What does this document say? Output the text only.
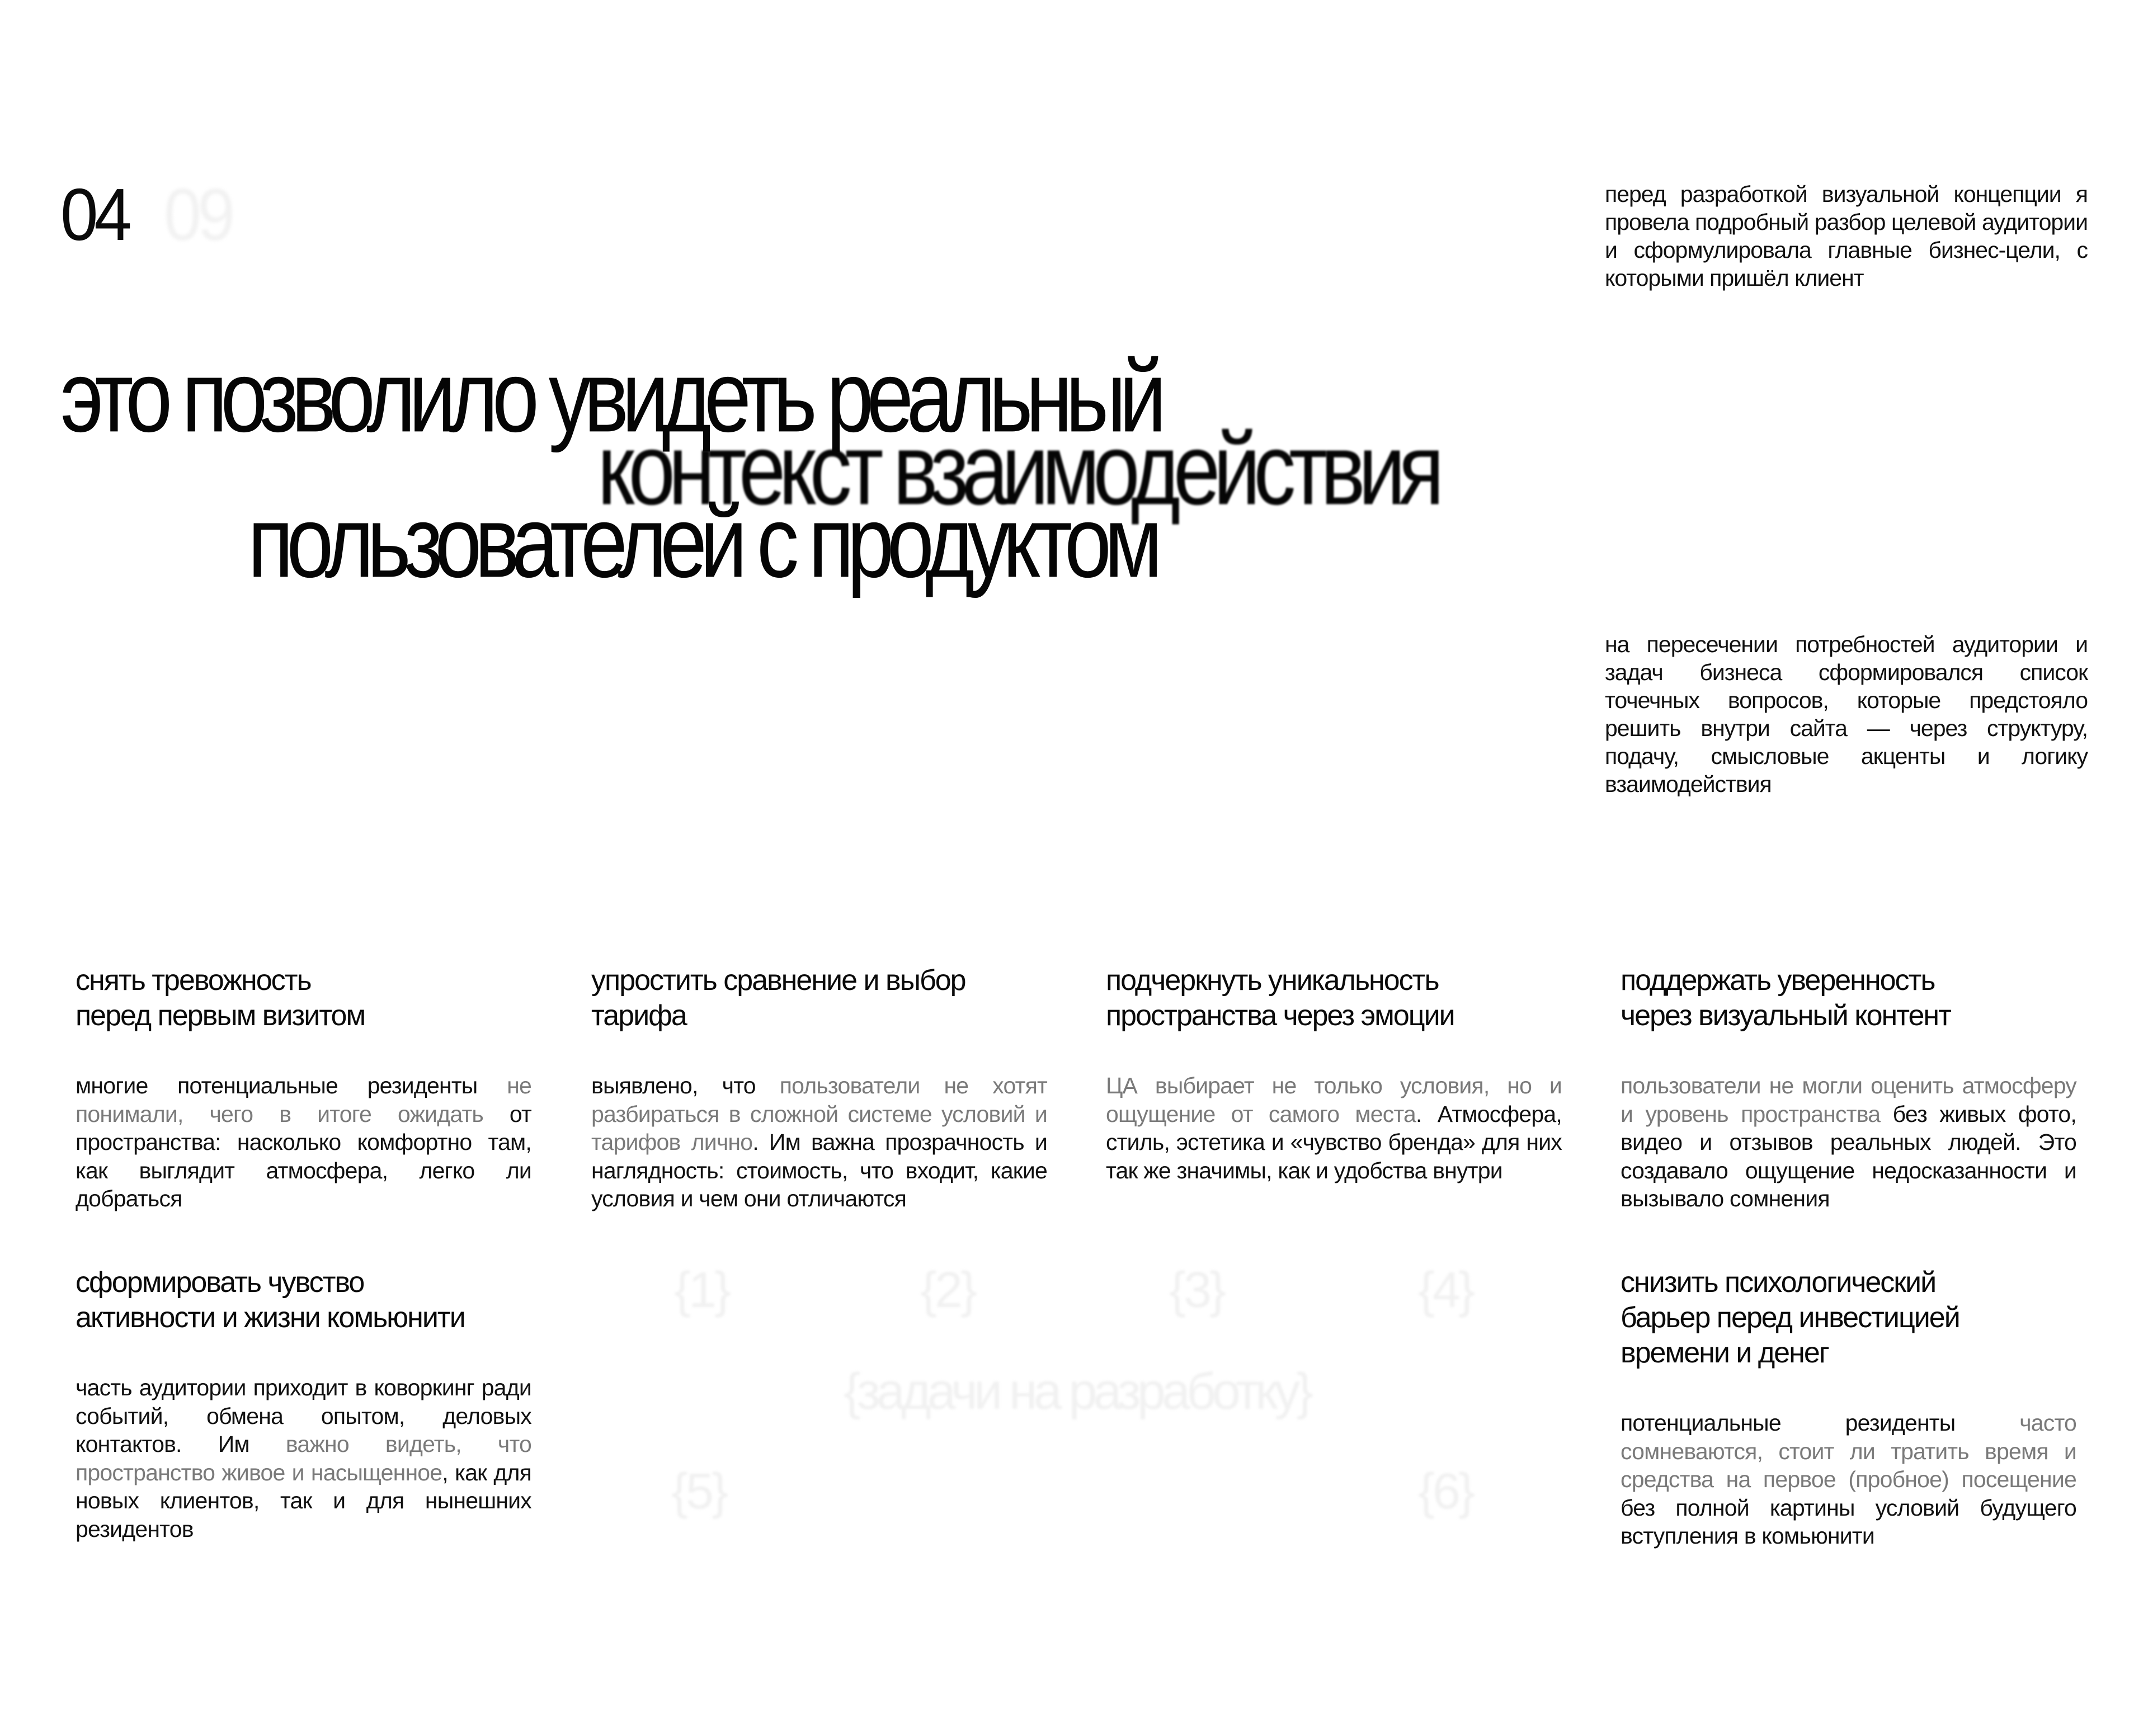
04 09
это позволило увидеть реальный
контекст взаимодействия
пользователей с продуктом

перед разработкой визуальной концепции я провела подробный разбор целевой аудитории и сформулировала главные бизнес-цели, с которыми пришёл клиент

на пересечении потребностей аудитории и задач бизнеса сформировался список точечных вопросов, которые предстояло решить внутри сайта — через структуру, подачу, смысловые акценты и логику взаимодействия

{1}	{2}	{3}	{4}
{задачи на разработку}
{5}	{6}
снять тревожность
перед первым визитом

многие потенциальные резиденты не понимали, чего в итоге ожидать от пространства: насколько комфортно там, как выглядит атмосфера, легко ли добраться

упростить сравнение и выбор
тарифа

выявлено, что пользователи не хотят разбираться в сложной системе условий и тарифов лично. Им важна прозрачность и наглядность: стоимость, что входит, какие условия и чем они отличаются

подчеркнуть уникальность
пространства через эмоции

ЦА выбирает не только условия, но и ощущение от самого места. Атмосфера, стиль, эстетика и «чувство бренда» для них так же значимы, как и удобства внутри

поддержать уверенность
через визуальный контент

пользователи не могли оценить атмосферу и уровень пространства без живых фото, видео и отзывов реальных людей. Это создавало ощущение недосказанности и вызывало сомнения

сформировать чувство
активности и жизни комьюнити

часть аудитории приходит в коворкинг ради событий, обмена опытом, деловых контактов. Им важно видеть, что пространство живое и насыщенное, как для новых клиентов, так и для нынешних резидентов

снизить психологический
барьер перед инвестицией
времени и денег

потенциальные резиденты часто сомневаются, стоит ли тратить время и средства на первое (пробное) посещение без полной картины условий будущего вступления в комьюнити
